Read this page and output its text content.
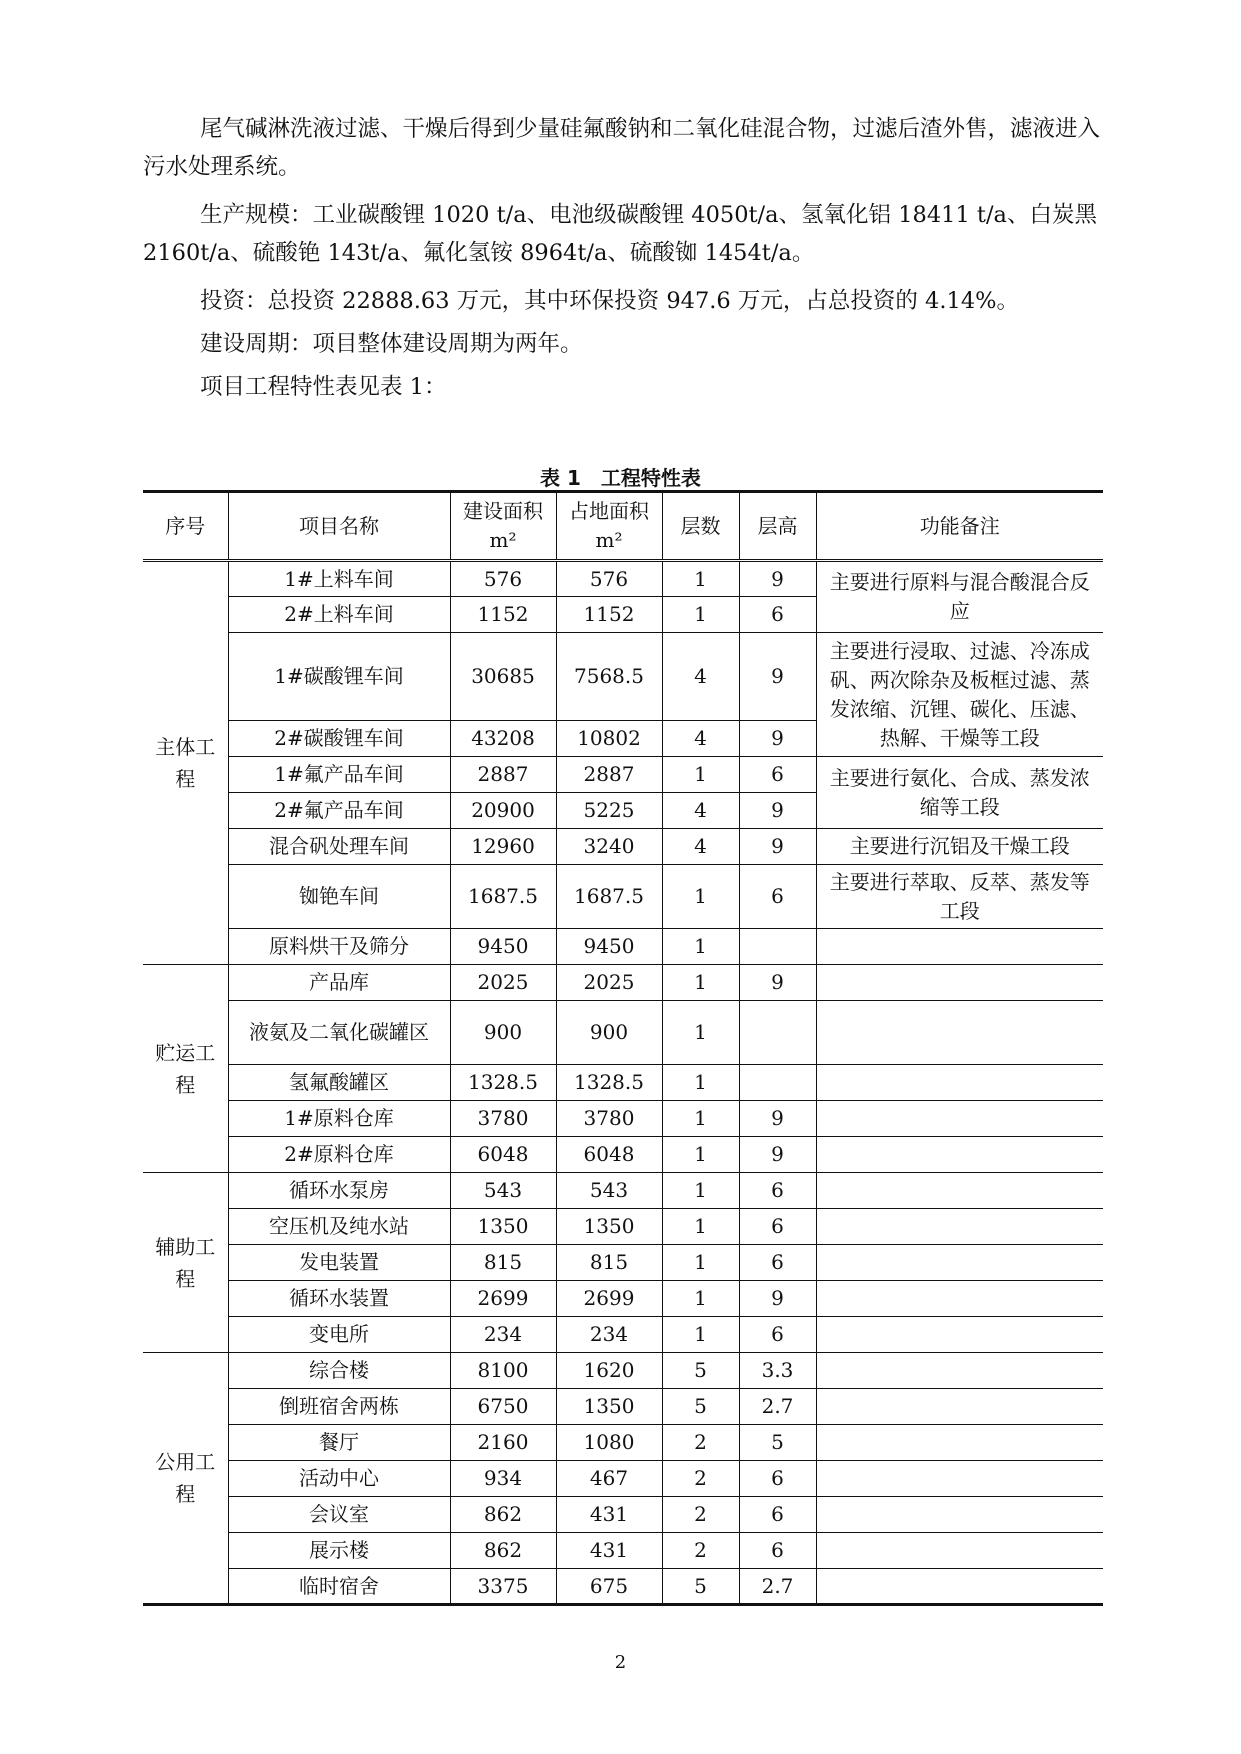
尾气碱淋洗液过滤、干燥后得到少量硅氟酸钠和二氧化硅混合物，过滤后渣外售，滤液进入污水处理系统。

生产规模：工业碳酸锂 1020 t/a、电池级碳酸锂 4050t/a、氢氧化铝 18411 t/a、白炭黑 2160t/a、硫酸铯 143t/a、氟化氢铵 8964t/a、硫酸铷 1454t/a。

投资：总投资 22888.63 万元，其中环保投资 947.6 万元，占总投资的 4.14%。

建设周期：项目整体建设周期为两年。

项目工程特性表见表 1：

表 1　工程特性表
序号	项目名称	建设面积 m²	占地面积 m²	层数	层高	功能备注
主体工程	1#上料车间	576	576	1	9	主要进行原料与混合酸混合反应
	2#上料车间	1152	1152	1	6	
	1#碳酸锂车间	30685	7568.5	4	9	主要进行浸取、过滤、冷冻成矾、两次除杂及板框过滤、蒸发浓缩、沉锂、碳化、压滤、热解、干燥等工段
	2#碳酸锂车间	43208	10802	4	9	
	1#氟产品车间	2887	2887	1	6	主要进行氨化、合成、蒸发浓缩等工段
	2#氟产品车间	20900	5225	4	9	
	混合矾处理车间	12960	3240	4	9	主要进行沉铝及干燥工段
	铷铯车间	1687.5	1687.5	1	6	主要进行萃取、反萃、蒸发等工段
	原料烘干及筛分	9450	9450	1		
贮运工程	产品库	2025	2025	1	9	
	液氨及二氧化碳罐区	900	900	1		
	氢氟酸罐区	1328.5	1328.5	1		
	1#原料仓库	3780	3780	1	9	
	2#原料仓库	6048	6048	1	9	
辅助工程	循环水泵房	543	543	1	6	
	空压机及纯水站	1350	1350	1	6	
	发电装置	815	815	1	6	
	循环水装置	2699	2699	1	9	
	变电所	234	234	1	6	
公用工程	综合楼	8100	1620	5	3.3	
	倒班宿舍两栋	6750	1350	5	2.7	
	餐厅	2160	1080	2	5	
	活动中心	934	467	2	6	
	会议室	862	431	2	6	
	展示楼	862	431	2	6	
	临时宿舍	3375	675	5	2.7	
2
